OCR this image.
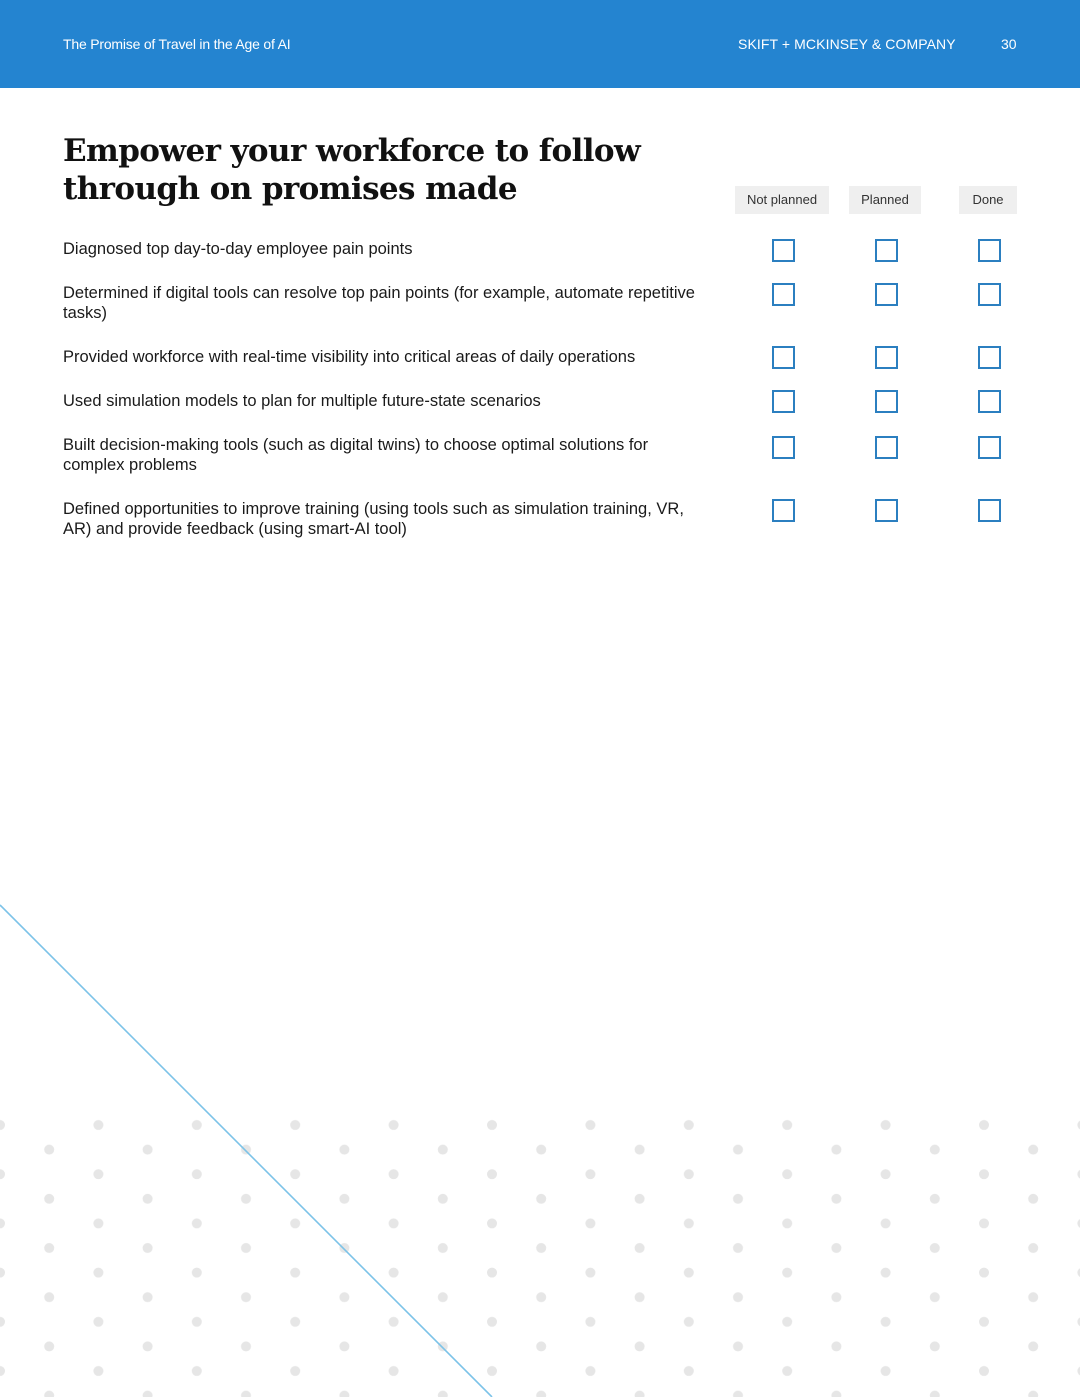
The Promise of Travel in the Age of AI	SKIFT + MCKINSEY & COMPANY	30
Empower your workforce to follow through on promises made	Not planned	Planned	Done
Diagnosed top day-to-day employee pain points
Determined if digital tools can resolve top pain points (for example, automate repetitive tasks)
Provided workforce with real-time visibility into critical areas of daily operations
Used simulation models to plan for multiple future-state scenarios
Built decision-making tools (such as digital twins) to choose optimal solutions for complex problems
Defined opportunities to improve training (using tools such as simulation training, VR, AR) and provide feedback (using smart-AI tool)
